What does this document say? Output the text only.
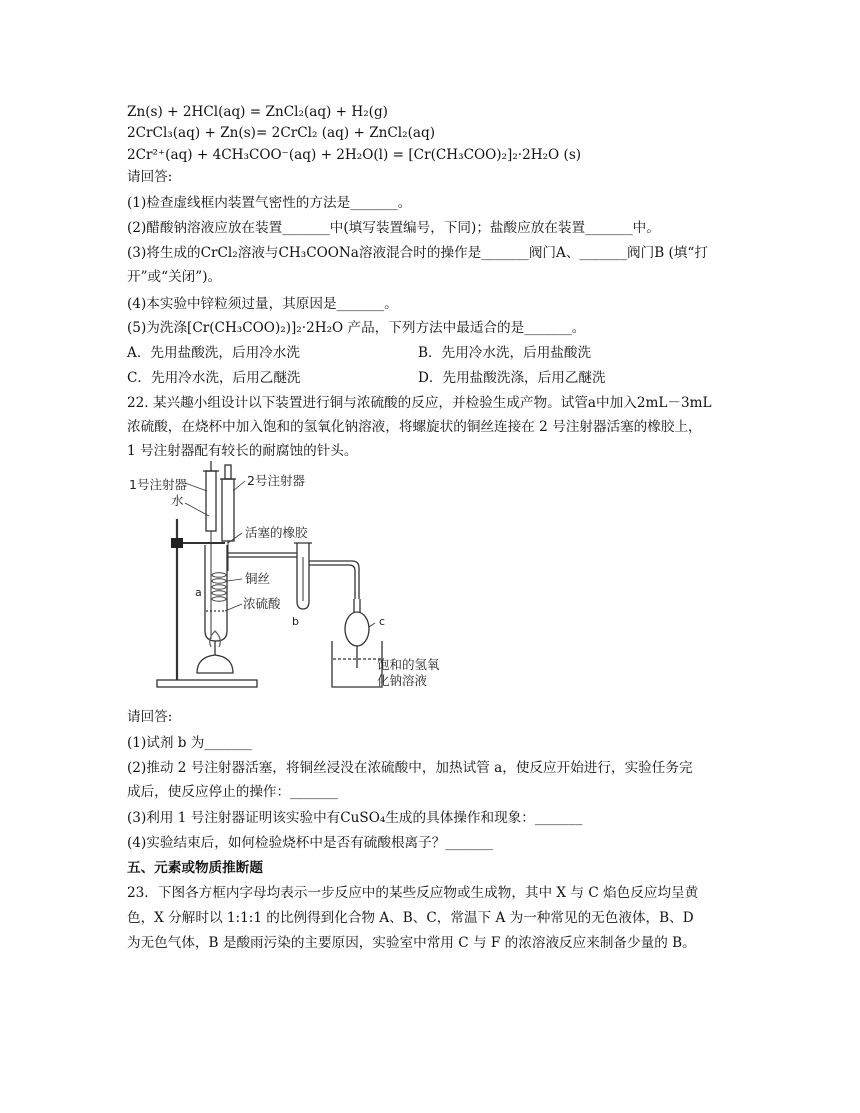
Zn(s) + 2HCl(aq) = ZnCl₂(aq) + H₂(g)
2CrCl₃(aq) + Zn(s)= 2CrCl₂ (aq) + ZnCl₂(aq)
2Cr²⁺(aq) + 4CH₃COO⁻(aq) + 2H₂O(l) = [Cr(CH₃COO)₂]₂·2H₂O (s)
请回答:
(1)检查虚线框内装置气密性的方法是_______。
(2)醋酸钠溶液应放在装置_______中(填写装置编号，下同)；盐酸应放在装置_______中。
(3)将生成的CrCl₂溶液与CH₃COONa溶液混合时的操作是_______阀门A、_______阀门B (填“打
开”或“关闭”)。
(4)本实验中锌粒须过量，其原因是_______。
(5)为洗涤[Cr(CH₃COO)₂)]₂·2H₂O 产品，下列方法中最适合的是_______。
A．先用盐酸洗，后用冷水洗	B．先用冷水洗，后用盐酸洗
C．先用冷水洗，后用乙醚洗	D．先用盐酸洗涤，后用乙醚洗
22. 某兴趣小组设计以下装置进行铜与浓硫酸的反应，并检验生成产物。试管a中加入2mL－3mL
浓硫酸，在烧杯中加入饱和的氢氧化钠溶液，将螺旋状的铜丝连接在 2 号注射器活塞的橡胶上，
1 号注射器配有较长的耐腐蚀的针头。
1号注射器	2号注射器
水
活塞的橡胶
铜丝
a
浓硫酸
b	c
饱和的氢氧
化钠溶液
请回答:
(1)试剂 b 为_______
(2)推动 2 号注射器活塞，将铜丝浸没在浓硫酸中，加热试管 a，使反应开始进行，实验任务完
成后，使反应停止的操作：_______
(3)利用 1 号注射器证明该实验中有CuSO₄生成的具体操作和现象：_______
(4)实验结束后，如何检验烧杯中是否有硫酸根离子？_______
五、元素或物质推断题
23．下图各方框内字母均表示一步反应中的某些反应物或生成物，其中 X 与 C 焰色反应均呈黄
色，X 分解时以 1:1:1 的比例得到化合物 A、B、C，常温下 A 为一种常见的无色液体，B、D
为无色气体，B 是酸雨污染的主要原因，实验室中常用 C 与 F 的浓溶液反应来制备少量的 B。
